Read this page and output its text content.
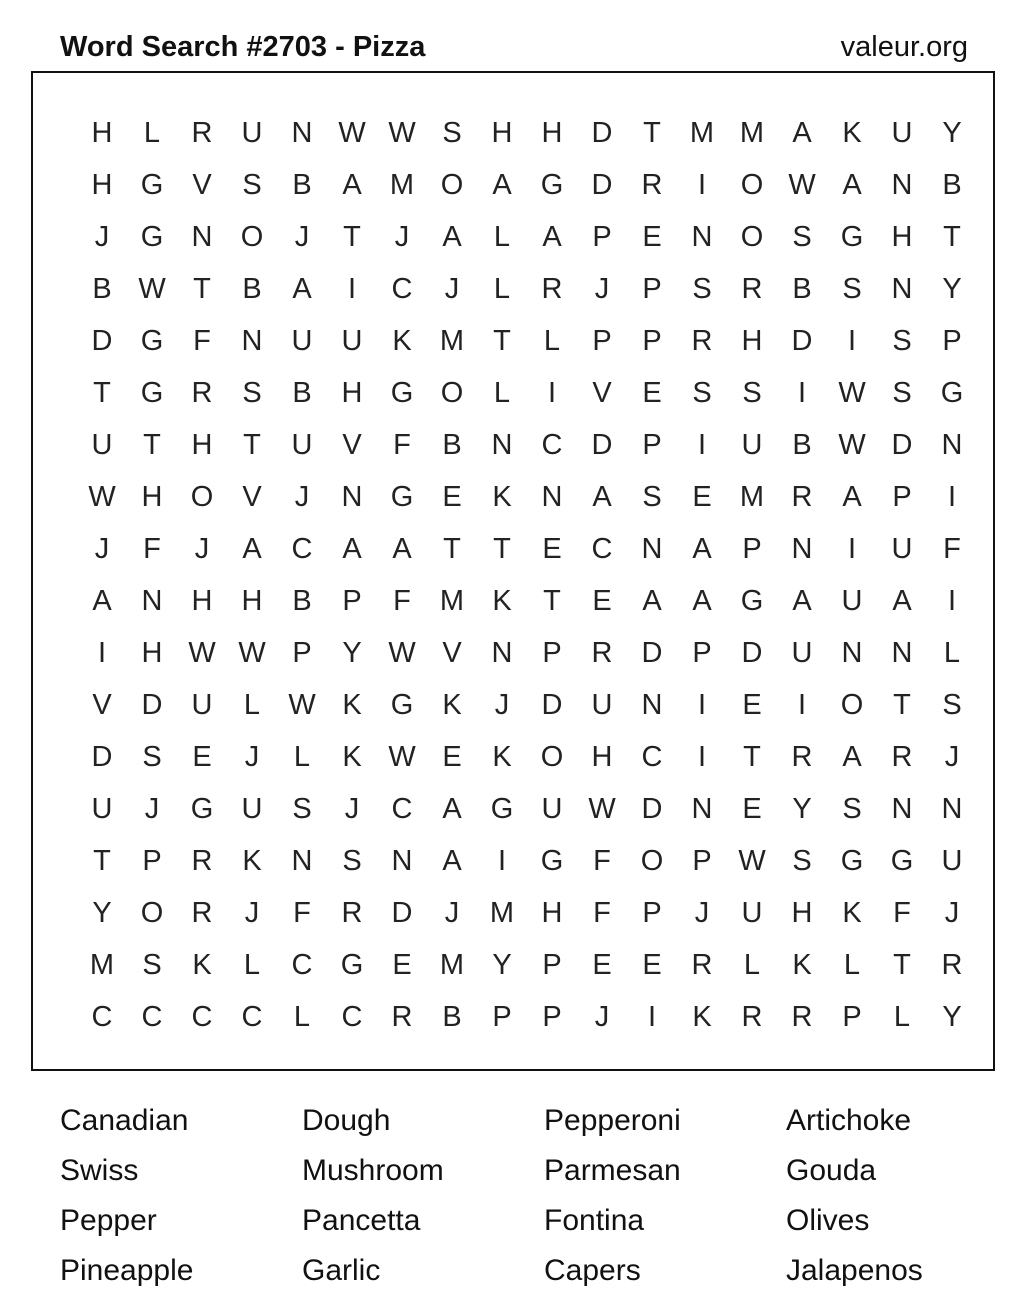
Word Search #2703 - Pizza	valeur.org
H	L	R	U	N W W S	H	H	D	T	M M A	K	U	Y
H G	V	S	B	A M O	A	G D	R	I	O W A	N	B
J	G N O	J	T	J	A	L	A	P	E	N O	S	G H	T
B W T	B	A	I	C	J	L	R	J	P	S	R	B	S	N	Y
D G	F	N	U	U	K M	T	L	P	P	R	H	D	I	S	P
T	G R	S	B	H G O	L	I	V	E	S	S	I	W S	G
U	T	H	T	U	V	F	B	N	C	D	P	I	U	B W D	N
W H O	V	J	N G	E	K	N	A	S	E M R	A	P	I
J	F	J	A	C	A	A	T	T	E	C	N	A	P	N	I	U	F
A	N	H	H	B	P	F	M K	T	E	A	A	G	A	U	A	I
I	H W W P	Y W V	N	P	R	D	P	D	U	N	N	L
V	D	U	L W K	G	K	J	D	U	N	I	E	I	O	T	S
D	S	E	J	L	K W E	K	O H	C	I	T	R	A	R	J
U	J	G U	S	J	C	A	G U W D	N	E	Y	S	N	N
T	P	R	K	N	S	N	A	I	G	F	O	P W S	G G U
Y	O R	J	F	R	D	J	M H	F	P	J	U	H	K	F	J
M S	K	L	C G	E M Y	P	E	E	R	L	K	L	T	R
C	C	C	C	L	C	R	B	P	P	J	I	K	R	R	P	L	Y
Canadian	Dough	Pepperoni	Artichoke
Swiss	Mushroom	Parmesan	Gouda
Pepper	Pancetta	Fontina	Olives
Pineapple	Garlic	Capers	Jalapenos
